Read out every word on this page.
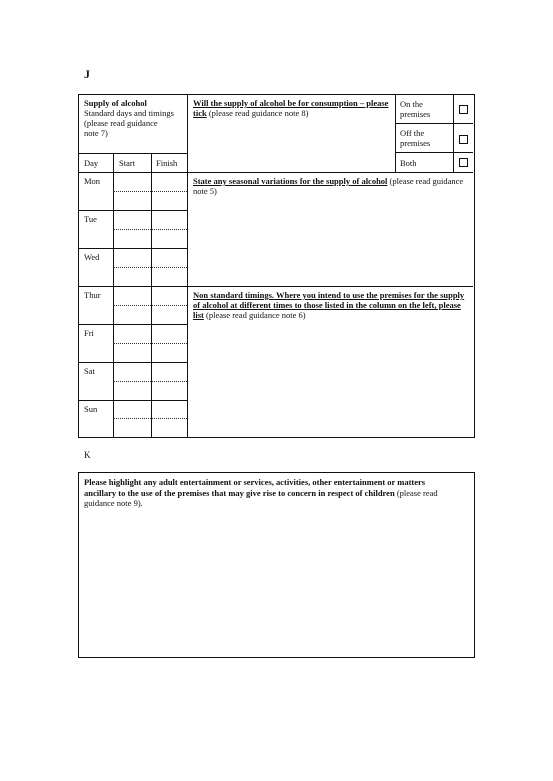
J
Supply of alcohol
Standard days and timings (please read guidance note 7)
Will the supply of alcohol be for consumption – please tick (please read guidance note 8)
On the premises
Off the premises
Both
Day Start Finish
Mon
Tue
Wed
Thur
Fri
Sat
Sun
State any seasonal variations for the supply of alcohol (please read guidance note 5)
Non standard timings. Where you intend to use the premises for the supply of alcohol at different times to those listed in the column on the left, please list (please read guidance note 6)
K
Please highlight any adult entertainment or services, activities, other entertainment or matters ancillary to the use of the premises that may give rise to concern in respect of children (please read guidance note 9).
